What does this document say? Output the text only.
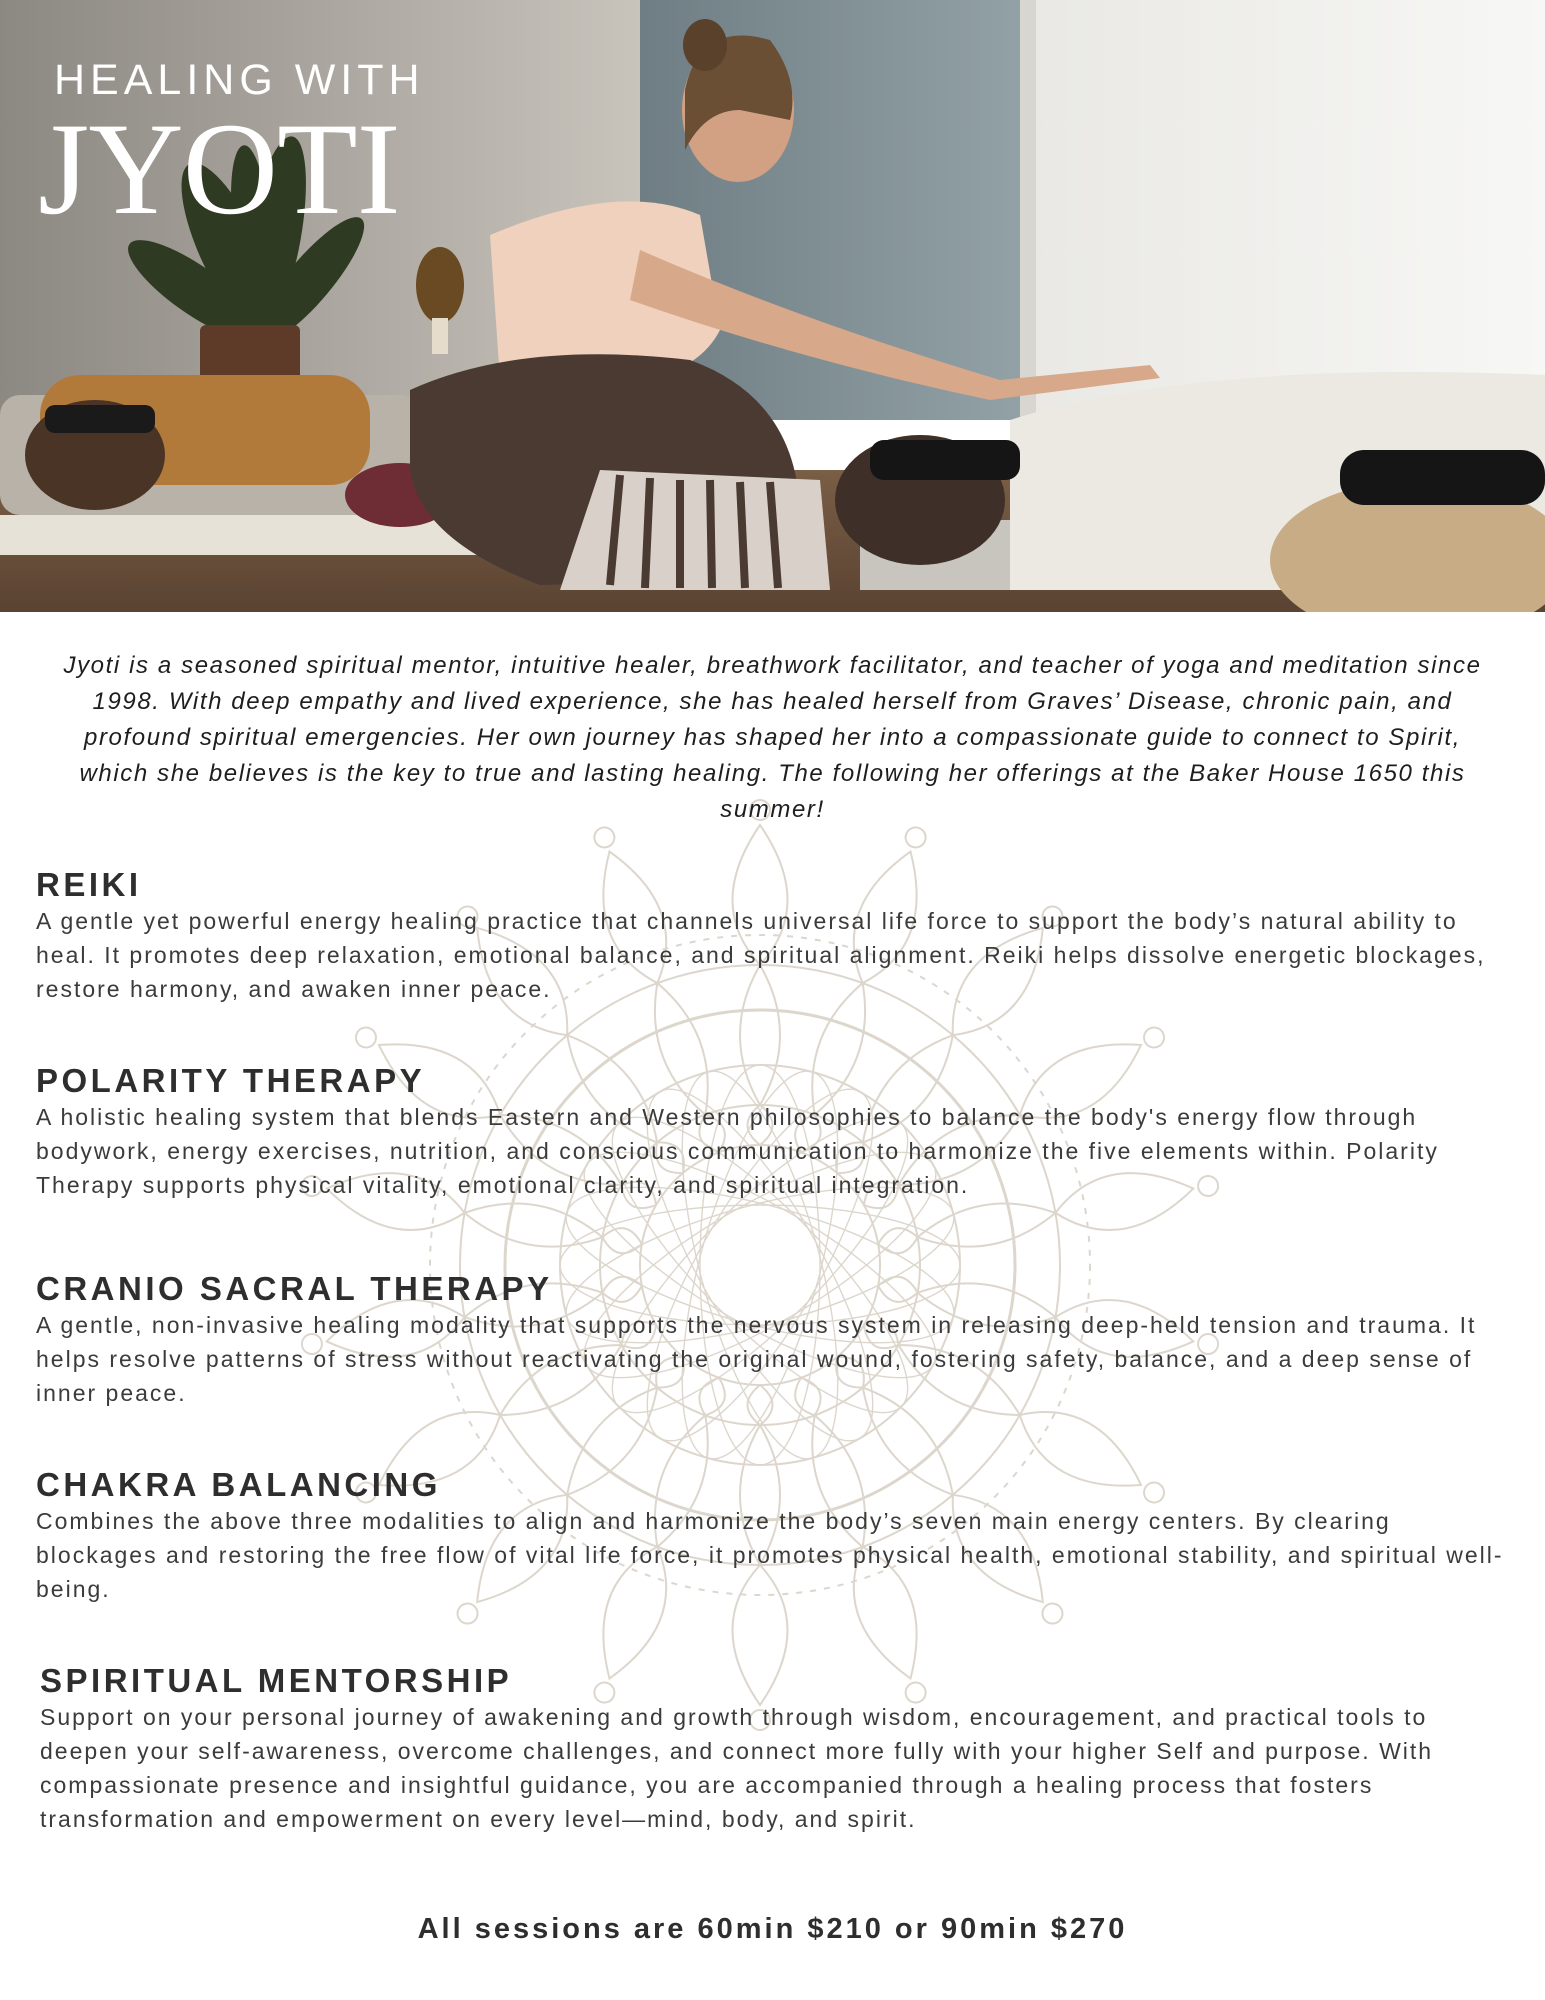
HEALING WITH
JYOTI

Jyoti is a seasoned spiritual mentor, intuitive healer, breathwork facilitator, and teacher of yoga and meditation since 1998. With deep empathy and lived experience, she has healed herself from Graves’ Disease, chronic pain, and profound spiritual emergencies. Her own journey has shaped her into a compassionate guide to connect to Spirit, which she believes is the key to true and lasting healing. The following her offerings at the Baker House 1650 this summer!

REIKI

A gentle yet powerful energy healing practice that channels universal life force to support the body’s natural ability to heal. It promotes deep relaxation, emotional balance, and spiritual alignment. Reiki helps dissolve energetic blockages, restore harmony, and awaken inner peace.

POLARITY THERAPY

A holistic healing system that blends Eastern and Western philosophies to balance the body's energy flow through bodywork, energy exercises, nutrition, and conscious communication to harmonize the five elements within. Polarity Therapy supports physical vitality, emotional clarity, and spiritual integration.

CRANIO SACRAL THERAPY

A gentle, non-invasive healing modality that supports the nervous system in releasing deep-held tension and trauma. It helps resolve patterns of stress without reactivating the original wound, fostering safety, balance, and a deep sense of inner peace.

CHAKRA BALANCING

Combines the above three modalities to align and harmonize the body’s seven main energy centers. By clearing blockages and restoring the free flow of vital life force, it promotes physical health, emotional stability, and spiritual well-being.

SPIRITUAL MENTORSHIP

Support on your personal journey of awakening and growth through wisdom, encouragement, and practical tools to deepen your self-awareness, overcome challenges, and connect more fully with your higher Self and purpose. With compassionate presence and insightful guidance, you are accompanied through a healing process that fosters transformation and empowerment on every level—mind, body, and spirit.

All sessions are 60min $210 or 90min $270
